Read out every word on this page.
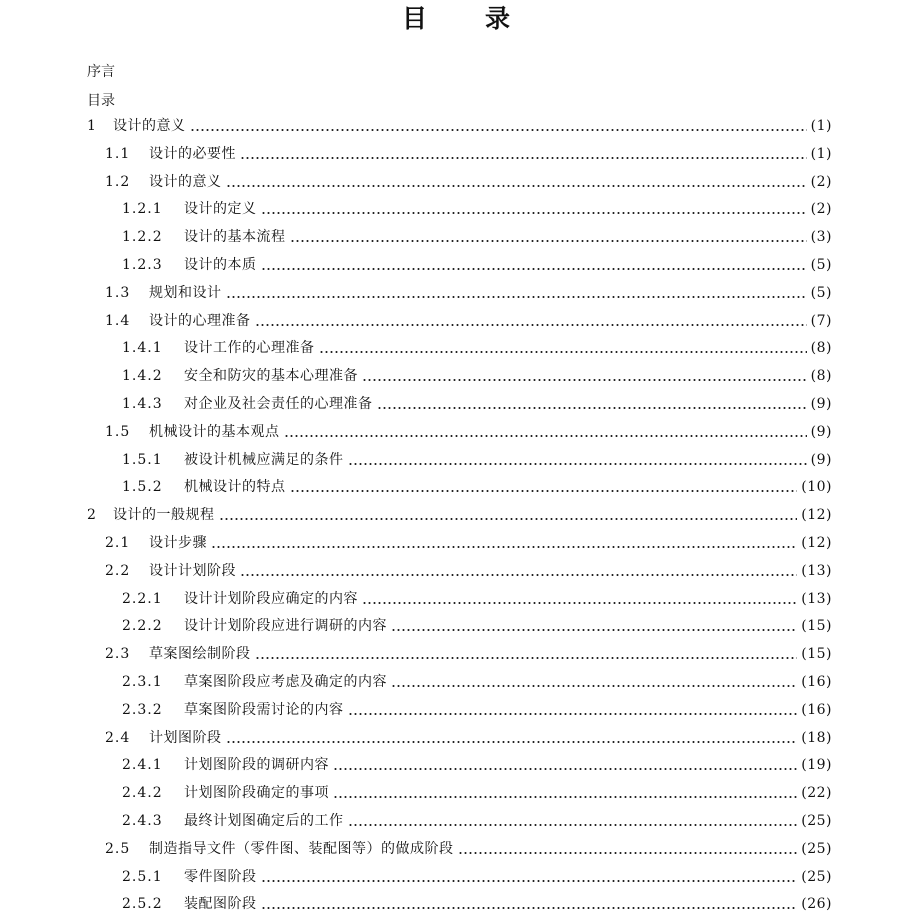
目录
序言
目录
1	设计的意义	(1)
1.1	设计的必要性	(1)
1.2	设计的意义	(2)
1.2.1	设计的定义	(2)
1.2.2	设计的基本流程	(3)
1.2.3	设计的本质	(5)
1.3	规划和设计	(5)
1.4	设计的心理准备	(7)
1.4.1	设计工作的心理准备	(8)
1.4.2	安全和防灾的基本心理准备	(8)
1.4.3	对企业及社会责任的心理准备	(9)
1.5	机械设计的基本观点	(9)
1.5.1	被设计机械应满足的条件	(9)
1.5.2	机械设计的特点	(10)
2	设计的一般规程	(12)
2.1	设计步骤	(12)
2.2	设计计划阶段	(13)
2.2.1	设计计划阶段应确定的内容	(13)
2.2.2	设计计划阶段应进行调研的内容	(15)
2.3	草案图绘制阶段	(15)
2.3.1	草案图阶段应考虑及确定的内容	(16)
2.3.2	草案图阶段需讨论的内容	(16)
2.4	计划图阶段	(18)
2.4.1	计划图阶段的调研内容	(19)
2.4.2	计划图阶段确定的事项	(22)
2.4.3	最终计划图确定后的工作	(25)
2.5	制造指导文件（零件图、装配图等）的做成阶段	(25)
2.5.1	零件图阶段	(25)
2.5.2	装配图阶段	(26)
